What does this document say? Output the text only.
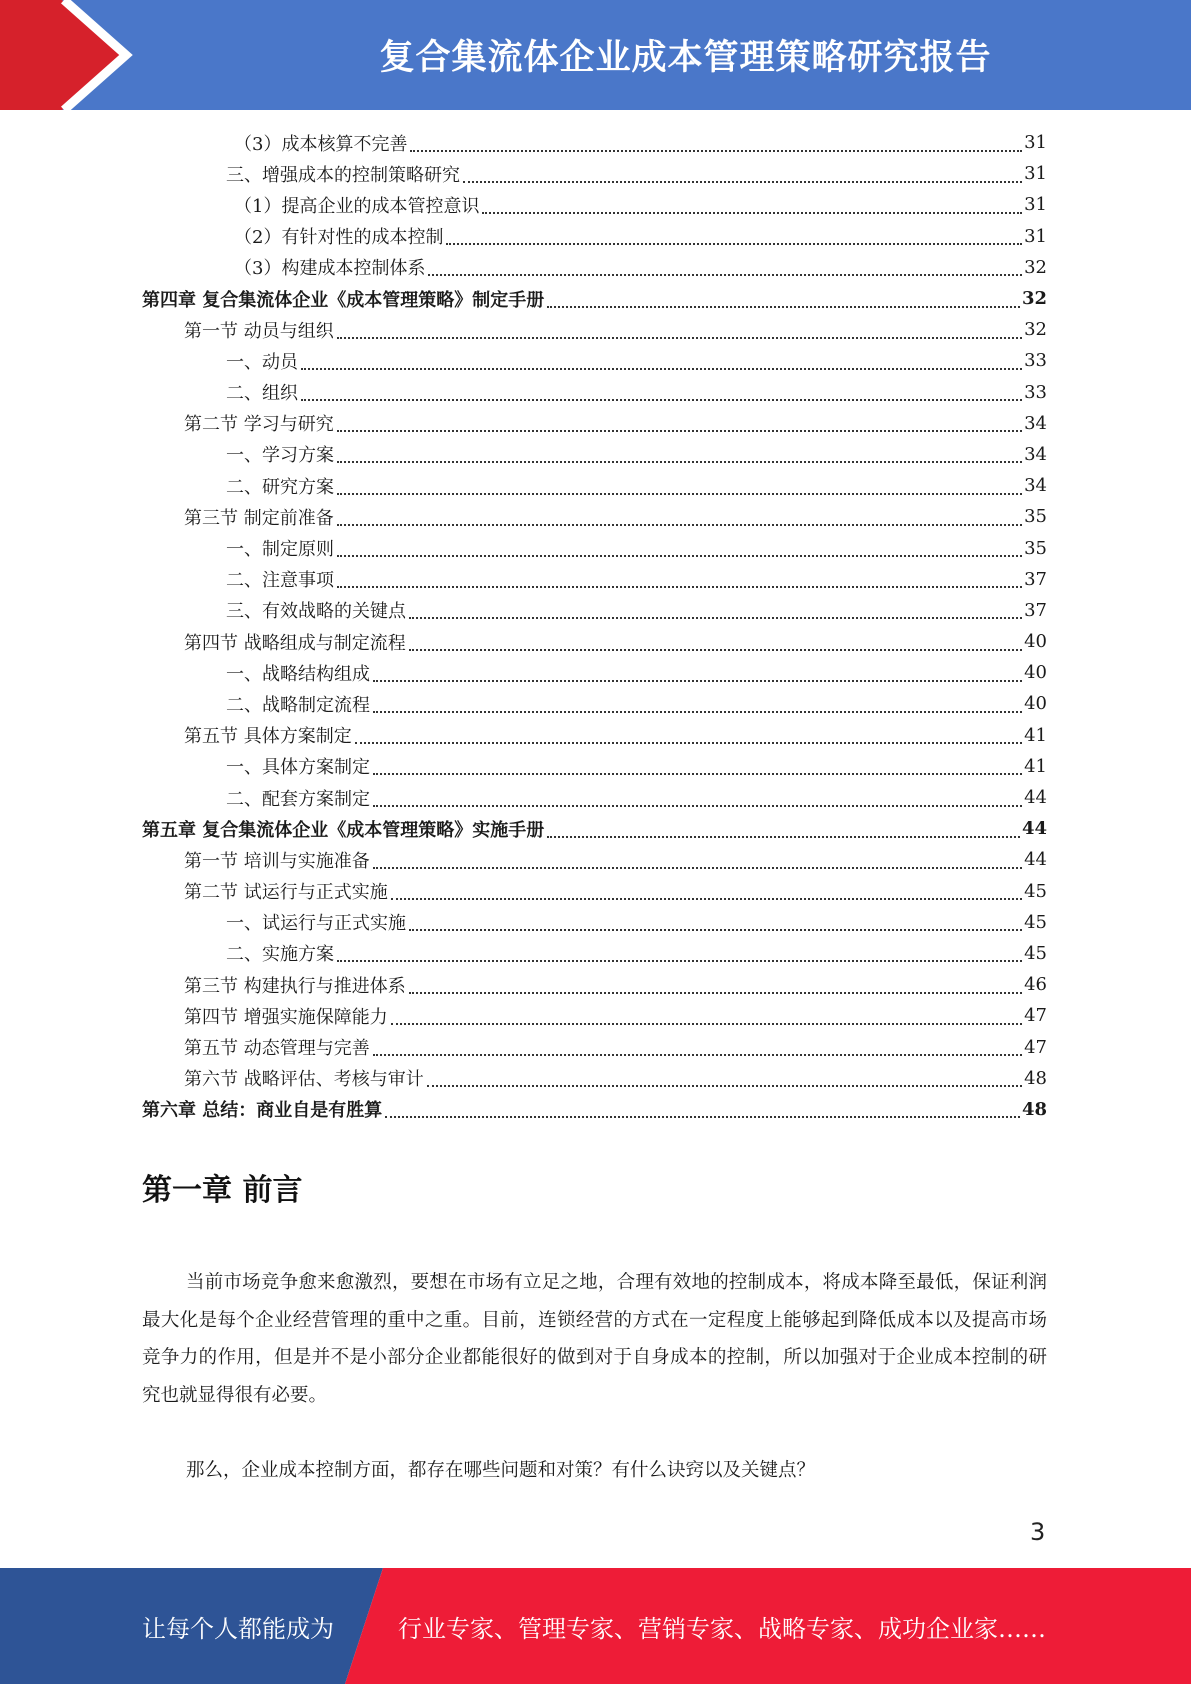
复合集流体企业成本管理策略研究报告
（3）成本核算不完善	31
三、增强成本的控制策略研究	31
（1）提高企业的成本管控意识	31
（2）有针对性的成本控制	31
（3）构建成本控制体系	32
第四章 复合集流体企业《成本管理策略》制定手册	32
第一节 动员与组织	32
一、动员	33
二、组织	33
第二节 学习与研究	34
一、学习方案	34
二、研究方案	34
第三节 制定前准备	35
一、制定原则	35
二、注意事项	37
三、有效战略的关键点	37
第四节 战略组成与制定流程	40
一、战略结构组成	40
二、战略制定流程	40
第五节 具体方案制定	41
一、具体方案制定	41
二、配套方案制定	44
第五章 复合集流体企业《成本管理策略》实施手册	44
第一节 培训与实施准备	44
第二节 试运行与正式实施	45
一、试运行与正式实施	45
二、实施方案	45
第三节 构建执行与推进体系	46
第四节 增强实施保障能力	47
第五节 动态管理与完善	47
第六节 战略评估、考核与审计	48
第六章 总结：商业自是有胜算	48
第一章 前言

当前市场竞争愈来愈激烈，要想在市场有立足之地，合理有效地的控制成本，将成本降至最低，保证利润最大化是每个企业经营管理的重中之重。目前，连锁经营的方式在一定程度上能够起到降低成本以及提高市场竞争力的作用，但是并不是小部分企业都能很好的做到对于自身成本的控制，所以加强对于企业成本控制的研究也就显得很有必要。

那么，企业成本控制方面，都存在哪些问题和对策？有什么诀窍以及关键点？

3
让每个人都能成为	行业专家、管理专家、营销专家、战略专家、成功企业家……
